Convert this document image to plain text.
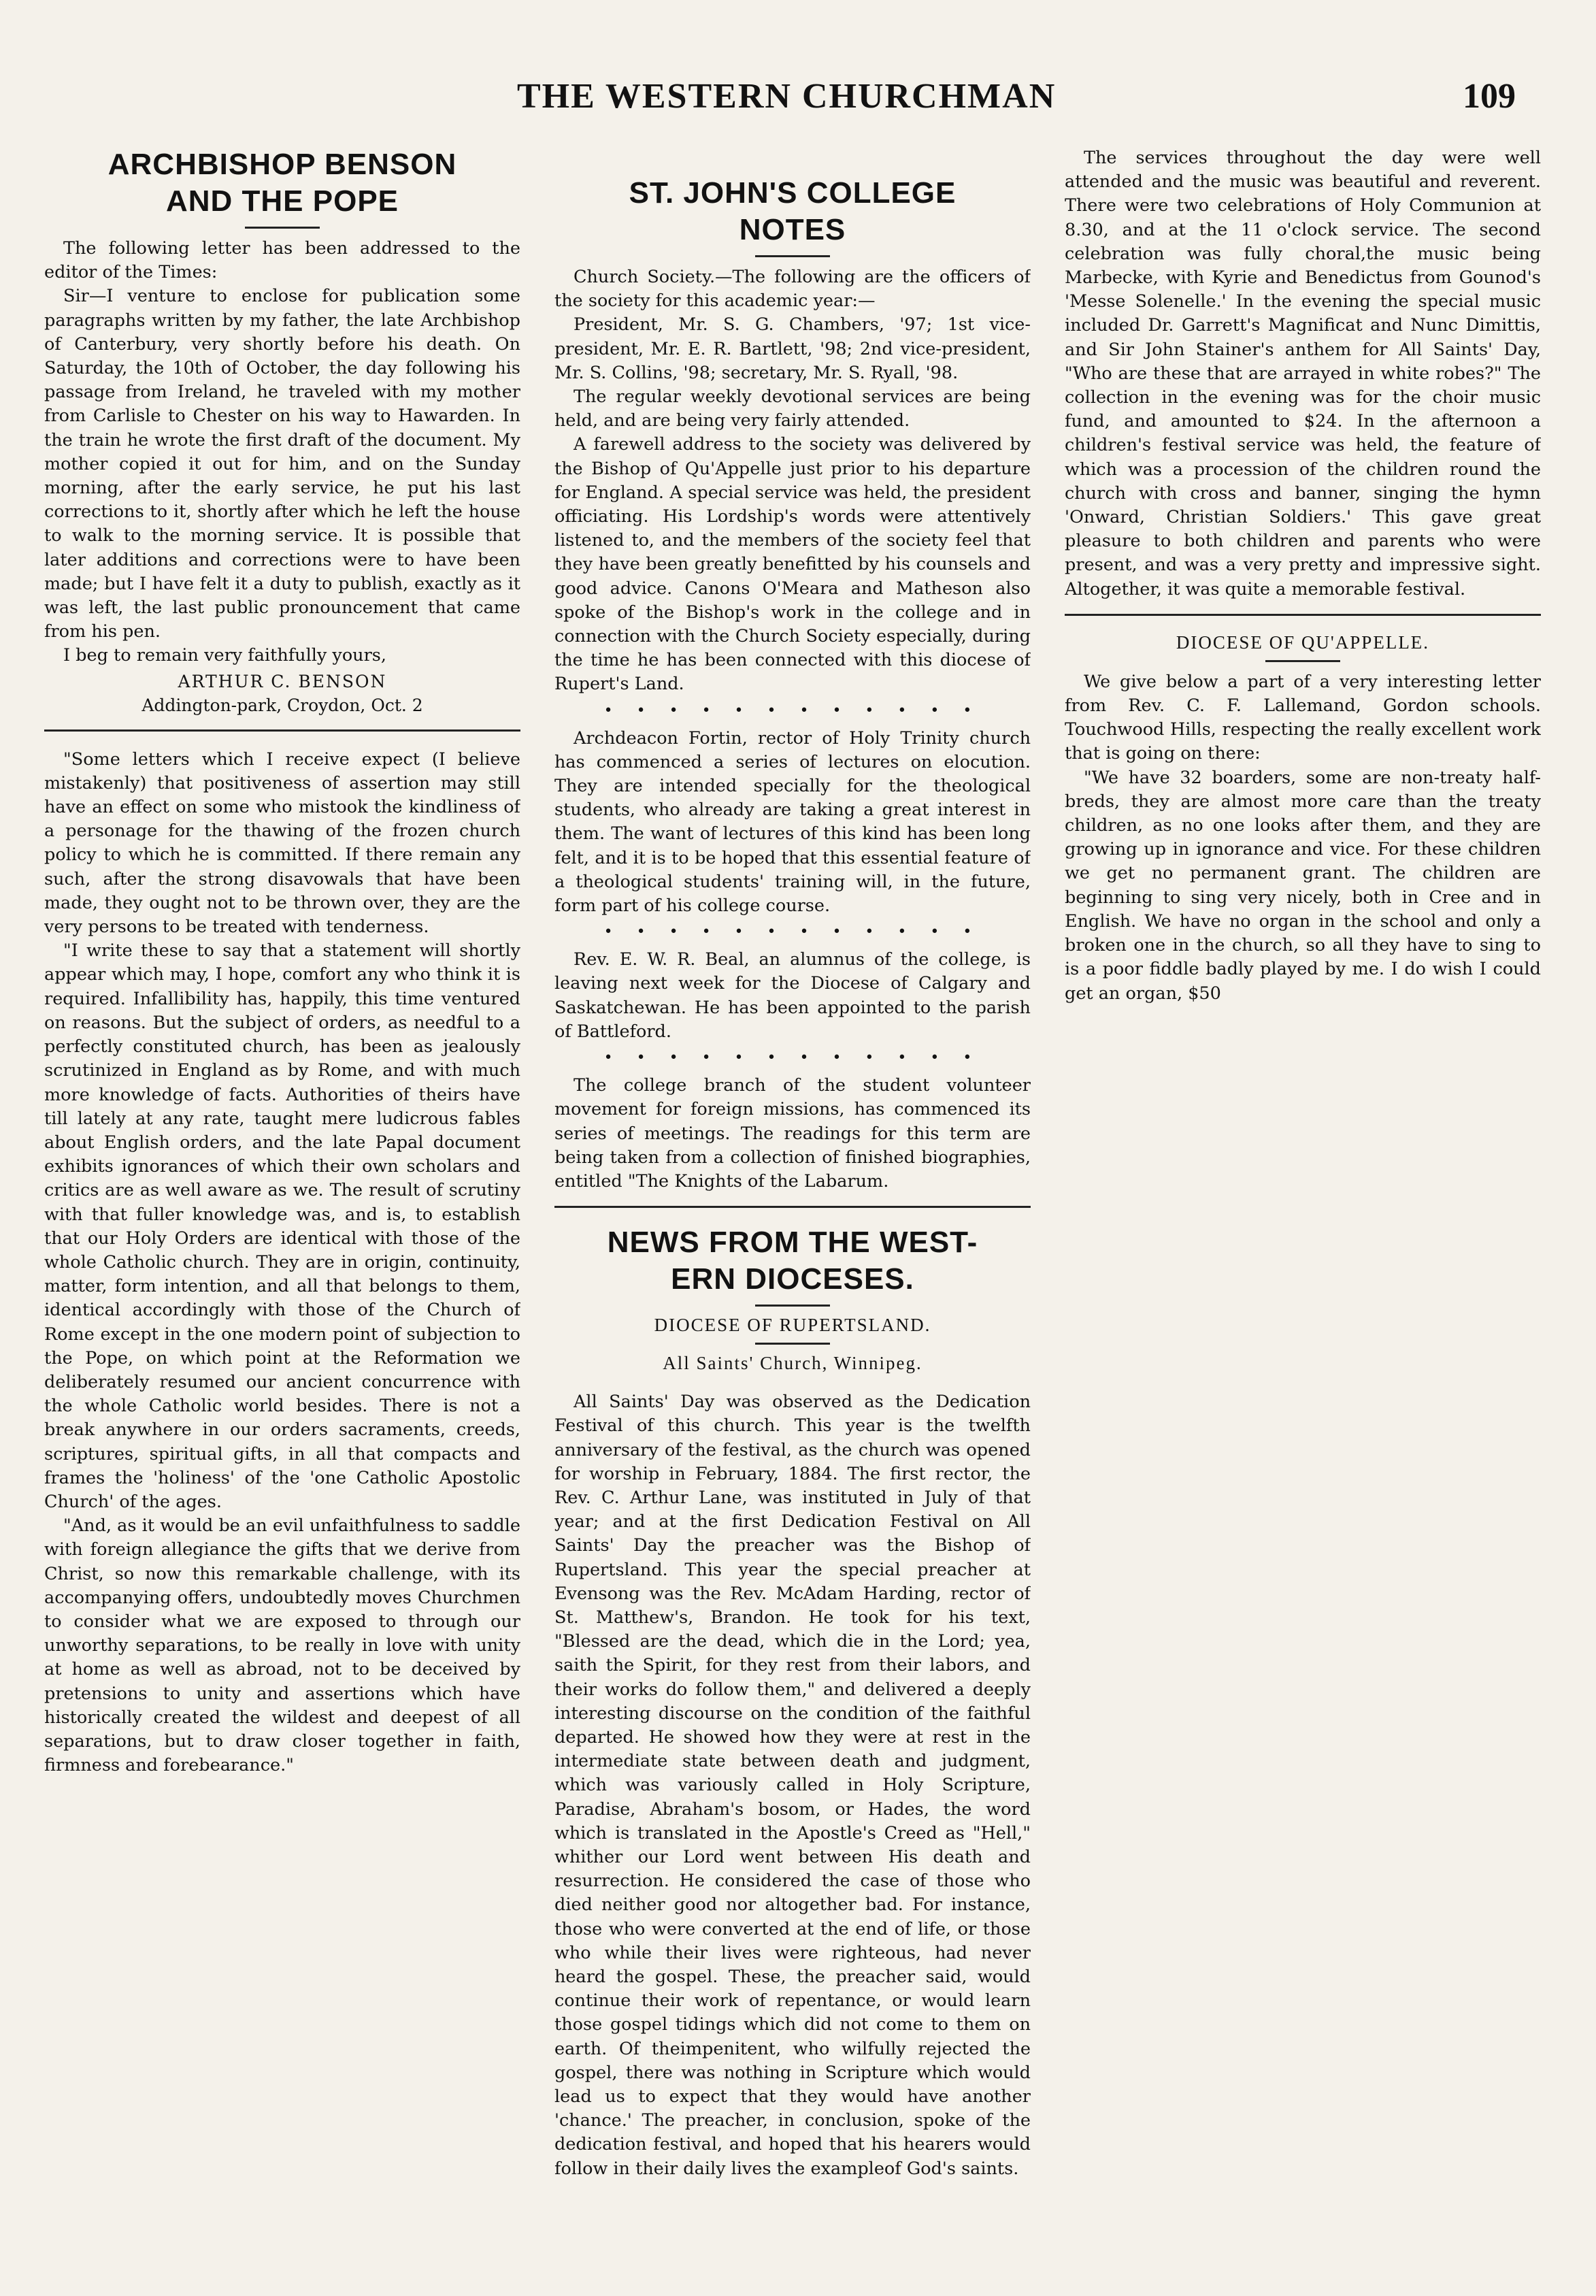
THE WESTERN CHURCHMAN	109
ARCHBISHOP BENSON
AND THE POPE

The following letter has been addressed to the editor of the Times:

Sir—I venture to enclose for publication some paragraphs written by my father, the late Archbishop of Canterbury, very shortly before his death. On Saturday, the 10th of October, the day following his passage from Ireland, he traveled with my mother from Carlisle to Chester on his way to Hawarden. In the train he wrote the first draft of the document. My mother copied it out for him, and on the Sunday morning, after the early service, he put his last corrections to it, shortly after which he left the house to walk to the morning service. It is possible that later additions and corrections were to have been made; but I have felt it a duty to publish, exactly as it was left, the last public pronouncement that came from his pen.

I beg to remain very faithfully yours,

ARTHUR C. BENSON
Addington-park, Croydon, Oct. 2

"Some letters which I receive expect (I believe mistakenly) that positiveness of assertion may still have an effect on some who mistook the kindliness of a personage for the thawing of the frozen church policy to which he is committed. If there remain any such, after the strong disavowals that have been made, they ought not to be thrown over, they are the very persons to be treated with tenderness.

"I write these to say that a statement will shortly appear which may, I hope, comfort any who think it is required. Infallibility has, happily, this time ventured on reasons. But the subject of orders, as needful to a perfectly constituted church, has been as jealously scrutinized in England as by Rome, and with much more knowledge of facts. Authorities of theirs have till lately at any rate, taught mere ludicrous fables about English orders, and the late Papal document exhibits ignorances of which their own scholars and critics are as well aware as we. The result of scrutiny with that fuller knowledge was, and is, to establish that our Holy Orders are identical with those of the whole Catholic church. They are in origin, continuity, matter, form intention, and all that belongs to them, identical accordingly with those of the Church of Rome except in the one modern point of subjection to the Pope, on which point at the Reformation we deliberately resumed our ancient concurrence with the whole Catholic world besides. There is not a break anywhere in our orders sacraments, creeds, scriptures, spiritual gifts, in all that compacts and frames the 'holiness' of the 'one Catholic Apostolic Church' of the ages.

"And, as it would be an evil unfaithfulness to saddle with foreign allegiance the gifts that we derive from Christ, so now this remarkable challenge, with its accompanying offers, undoubtedly moves Churchmen to consider what we are exposed to through our unworthy separations, to be really in love with unity at home as well as abroad, not to be deceived by pretensions to unity and assertions which have historically created the wildest and deepest of all separations, but to draw closer together in faith, firmness and forebearance."

ST. JOHN'S COLLEGE
NOTES

Church Society.—The following are the officers of the society for this academic year:—

President, Mr. S. G. Chambers, '97; 1st vice-president, Mr. E. R. Bartlett, '98; 2nd vice-president, Mr. S. Collins, '98; secretary, Mr. S. Ryall, '98.

The regular weekly devotional services are being held, and are being very fairly attended.

A farewell address to the society was delivered by the Bishop of Qu'Appelle just prior to his departure for England. A special service was held, the president officiating. His Lordship's words were attentively listened to, and the members of the society feel that they have been greatly benefitted by his counsels and good advice. Canons O'Meara and Matheson also spoke of the Bishop's work in the college and in connection with the Church Society especially, during the time he has been connected with this diocese of Rupert's Land.

• • • • • • • • • • • •

Archdeacon Fortin, rector of Holy Trinity church has commenced a series of lectures on elocution. They are intended specially for the theological students, who already are taking a great interest in them. The want of lectures of this kind has been long felt, and it is to be hoped that this essential feature of a theological students' training will, in the future, form part of his college course.

• • • • • • • • • • • •

Rev. E. W. R. Beal, an alumnus of the college, is leaving next week for the Diocese of Calgary and Saskatchewan. He has been appointed to the parish of Battleford.

• • • • • • • • • • • •

The college branch of the student volunteer movement for foreign missions, has commenced its series of meetings. The readings for this term are being taken from a collection of finished biographies, entitled "The Knights of the Labarum.

NEWS FROM THE WEST-
ERN DIOCESES.
DIOCESE OF RUPERTSLAND.
All Saints' Church, Winnipeg.

All Saints' Day was observed as the Dedication Festival of this church. This year is the twelfth anniversary of the festival, as the church was opened for worship in February, 1884. The first rector, the Rev. C. Arthur Lane, was instituted in July of that year; and at the first Dedication Festival on All Saints' Day the preacher was the Bishop of Rupertsland. This year the special preacher at Evensong was the Rev. McAdam Harding, rector of St. Matthew's, Brandon. He took for his text, "Blessed are the dead, which die in the Lord; yea, saith the Spirit, for they rest from their labors, and their works do follow them," and delivered a deeply interesting discourse on the condition of the faithful departed. He showed how they were at rest in the intermediate state between death and judgment, which was variously called in Holy Scripture, Paradise, Abraham's bosom, or Hades, the word which is translated in the Apostle's Creed as "Hell," whither our Lord went between His death and resurrection. He considered the case of those who died neither good nor altogether bad. For instance, those who were converted at the end of life, or those who while their lives were righteous, had never heard the gospel. These, the preacher said, would continue their work of repentance, or would learn those gospel tidings which did not come to them on earth. Of theimpenitent, who wilfully rejected the gospel, there was nothing in Scripture which would lead us to expect that they would have another 'chance.' The preacher, in conclusion, spoke of the dedication festival, and hoped that his hearers would follow in their daily lives the exampleof God's saints.

The services throughout the day were well attended and the music was beautiful and reverent. There were two celebrations of Holy Communion at 8.30, and at the 11 o'clock service. The second celebration was fully choral,the music being Marbecke, with Kyrie and Benedictus from Gounod's 'Messe Solenelle.' In the evening the special music included Dr. Garrett's Magnificat and Nunc Dimittis, and Sir John Stainer's anthem for All Saints' Day, "Who are these that are arrayed in white robes?" The collection in the evening was for the choir music fund, and amounted to $24. In the afternoon a children's festival service was held, the feature of which was a procession of the children round the church with cross and banner, singing the hymn 'Onward, Christian Soldiers.' This gave great pleasure to both children and parents who were present, and was a very pretty and impressive sight. Altogether, it was quite a memorable festival.

DIOCESE OF QU'APPELLE.

We give below a part of a very interesting letter from Rev. C. F. Lallemand, Gordon schools. Touchwood Hills, respecting the really excellent work that is going on there:

"We have 32 boarders, some are non-treaty half-breds, they are almost more care than the treaty children, as no one looks after them, and they are growing up in ignorance and vice. For these children we get no permanent grant. The children are beginning to sing very nicely, both in Cree and in English. We have no organ in the school and only a broken one in the church, so all they have to sing to is a poor fiddle badly played by me. I do wish I could get an organ, $50
